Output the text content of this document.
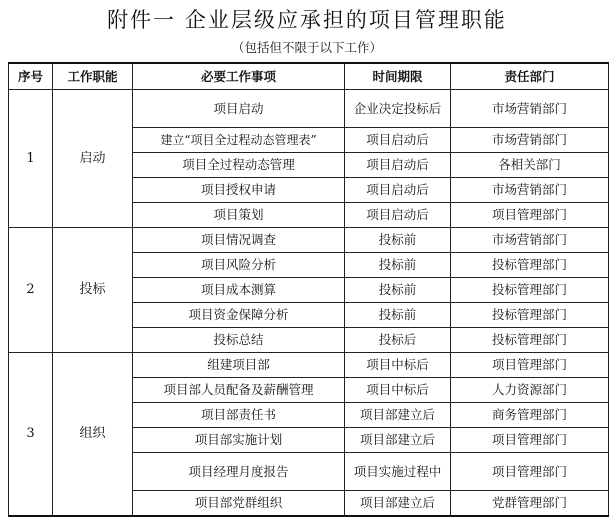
附件一 企业层级应承担的项目管理职能
（包括但不限于以下工作）
序号	工作职能	必要工作事项	时间期限	责任部门
1	启动	项目启动	企业决定投标后	市场营销部门
		建立“项目全过程动态管理表”	项目启动后	市场营销部门
		项目全过程动态管理	项目启动后	各相关部门
		项目授权申请	项目启动后	市场营销部门
		项目策划	项目启动后	项目管理部门
2	投标	项目情况调查	投标前	市场营销部门
		项目风险分析	投标前	投标管理部门
		项目成本测算	投标前	投标管理部门
		项目资金保障分析	投标前	投标管理部门
		投标总结	投标后	投标管理部门
3	组织	组建项目部	项目中标后	项目管理部门
		项目部人员配备及薪酬管理	项目中标后	人力资源部门
		项目部责任书	项目部建立后	商务管理部门
		项目部实施计划	项目部建立后	项目管理部门
		项目经理月度报告	项目实施过程中	项目管理部门
		项目部党群组织	项目部建立后	党群管理部门
